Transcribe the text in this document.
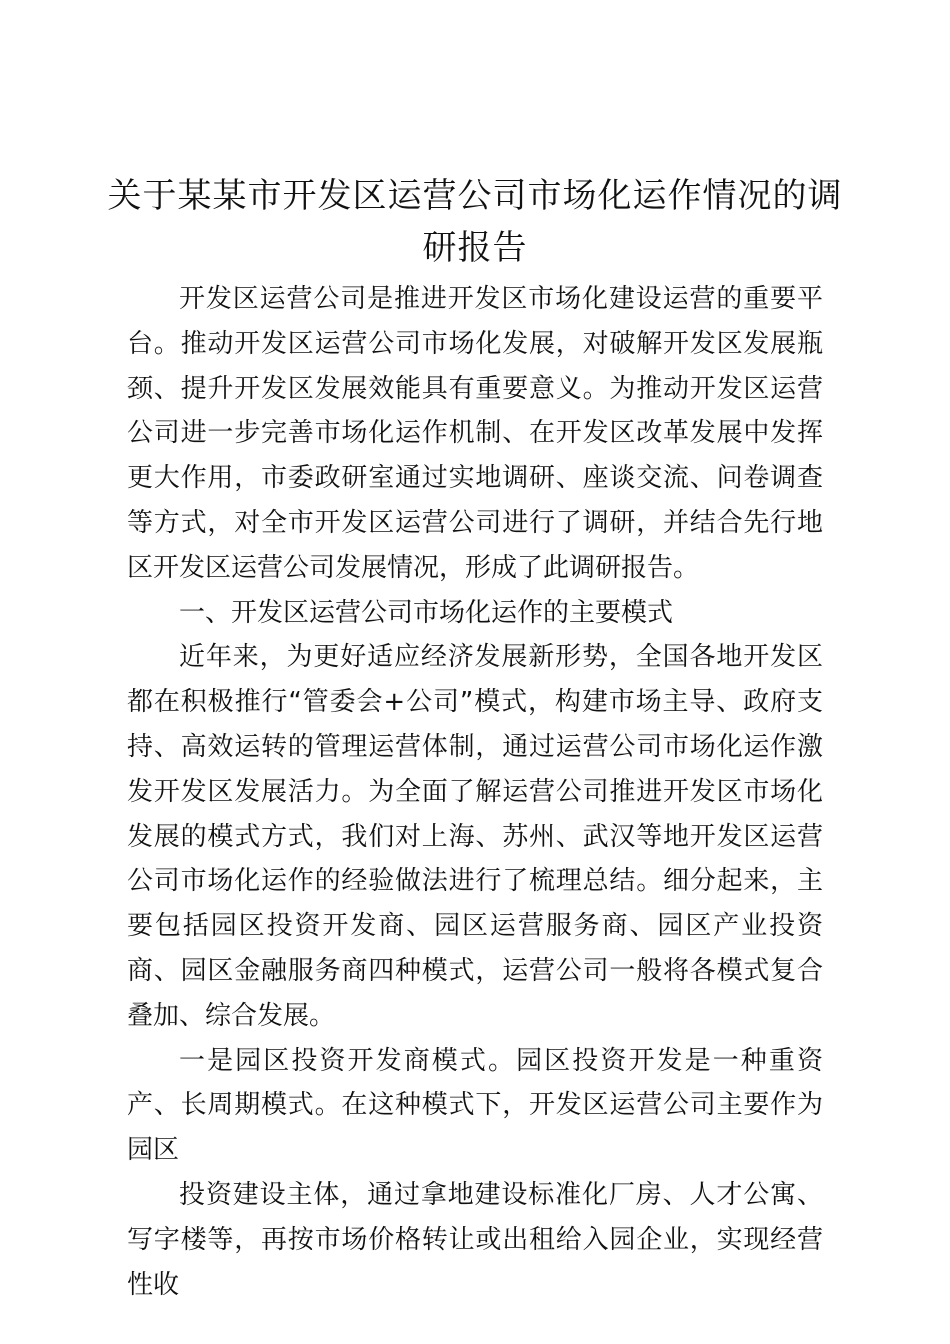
关于某某市开发区运营公司市场化运作情况的调研报告

开发区运营公司是推进开发区市场化建设运营的重要平台。推动开发区运营公司市场化发展，对破解开发区发展瓶颈、提升开发区发展效能具有重要意义。为推动开发区运营公司进一步完善市场化运作机制、在开发区改革发展中发挥更大作用，市委政研室通过实地调研、座谈交流、问卷调查等方式，对全市开发区运营公司进行了调研，并结合先行地区开发区运营公司发展情况，形成了此调研报告。

一、开发区运营公司市场化运作的主要模式

近年来，为更好适应经济发展新形势，全国各地开发区都在积极推行“管委会+公司”模式，构建市场主导、政府支持、高效运转的管理运营体制，通过运营公司市场化运作激发开发区发展活力。为全面了解运营公司推进开发区市场化发展的模式方式，我们对上海、苏州、武汉等地开发区运营公司市场化运作的经验做法进行了梳理总结。细分起来，主要包括园区投资开发商、园区运营服务商、园区产业投资商、园区金融服务商四种模式，运营公司一般将各模式复合叠加、综合发展。

一是园区投资开发商模式。园区投资开发是一种重资产、长周期模式。在这种模式下，开发区运营公司主要作为园区

投资建设主体，通过拿地建设标准化厂房、人才公寓、写字楼等，再按市场价格转让或出租给入园企业，实现经营性收
